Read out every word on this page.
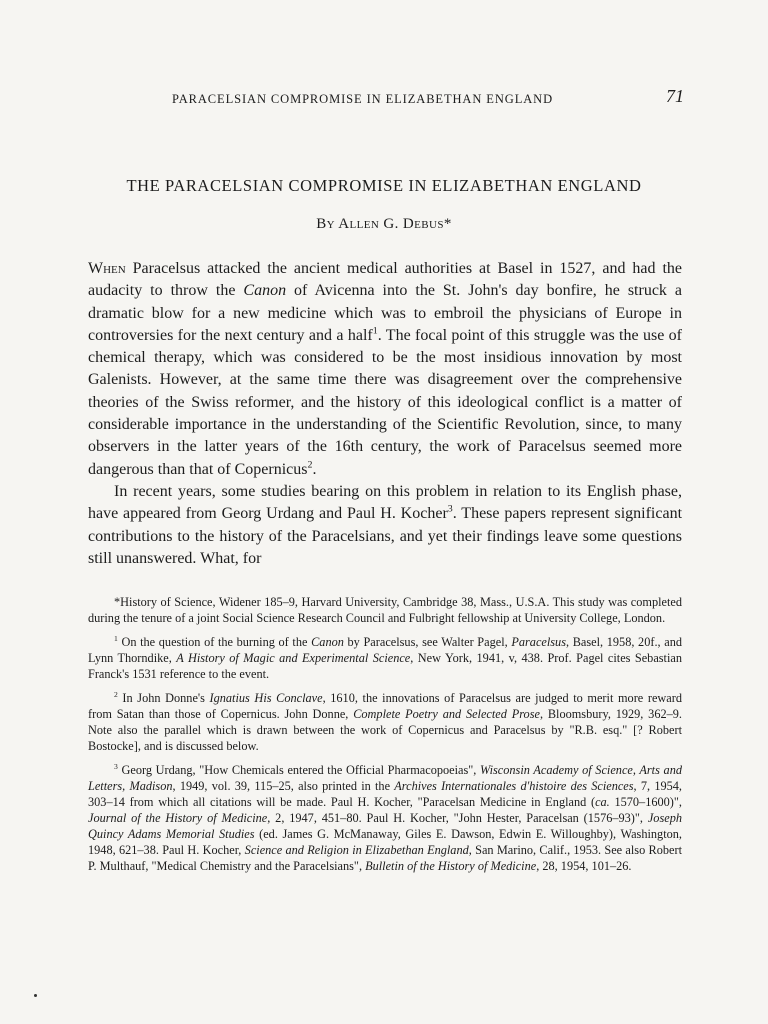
PARACELSIAN COMPROMISE IN ELIZABETHAN ENGLAND	71
THE PARACELSIAN COMPROMISE IN ELIZABETHAN ENGLAND
By Allen G. Debus*

When Paracelsus attacked the ancient medical authorities at Basel in 1527, and had the audacity to throw the Canon of Avicenna into the St. John's day bonfire, he struck a dramatic blow for a new medicine which was to embroil the physicians of Europe in controversies for the next century and a half$^1$. The focal point of this struggle was the use of chemical therapy, which was considered to be the most insidious innovation by most Galenists. However, at the same time there was disagreement over the comprehensive theories of the Swiss reformer, and the history of this ideological conflict is a matter of considerable importance in the understanding of the Scientific Revolution, since, to many observers in the latter years of the 16th century, the work of Paracelsus seemed more dangerous than that of Copernicus$^2$.

In recent years, some studies bearing on this problem in relation to its English phase, have appeared from Georg Urdang and Paul H. Kocher$^3$. These papers represent significant contributions to the history of the Paracelsians, and yet their findings leave some questions still unanswered. What, for

*History of Science, Widener 185–9, Harvard University, Cambridge 38, Mass., U.S.A. This study was completed during the tenure of a joint Social Science Research Council and Fulbright fellowship at University College, London.

$^1$ On the question of the burning of the Canon by Paracelsus, see Walter Pagel, Paracelsus, Basel, 1958, 20f., and Lynn Thorndike, A History of Magic and Experimental Science, New York, 1941, v, 438. Prof. Pagel cites Sebastian Franck's 1531 reference to the event.

$^2$ In John Donne's Ignatius His Conclave, 1610, the innovations of Paracelsus are judged to merit more reward from Satan than those of Copernicus. John Donne, Complete Poetry and Selected Prose, Bloomsbury, 1929, 362–9. Note also the parallel which is drawn between the work of Copernicus and Paracelsus by "R.B. esq." [? Robert Bostocke], and is discussed below.

$^3$ Georg Urdang, "How Chemicals entered the Official Pharmacopoeias", Wisconsin Academy of Science, Arts and Letters, Madison, 1949, vol. 39, 115–25, also printed in the Archives Internationales d'histoire des Sciences, 7, 1954, 303–14 from which all citations will be made. Paul H. Kocher, "Paracelsan Medicine in England (ca. 1570–1600)", Journal of the History of Medicine, 2, 1947, 451–80. Paul H. Kocher, "John Hester, Paracelsan (1576–93)", Joseph Quincy Adams Memorial Studies (ed. James G. McManaway, Giles E. Dawson, Edwin E. Willoughby), Washington, 1948, 621–38. Paul H. Kocher, Science and Religion in Elizabethan England, San Marino, Calif., 1953. See also Robert P. Multhauf, "Medical Chemistry and the Paracelsians", Bulletin of the History of Medicine, 28, 1954, 101–26.
